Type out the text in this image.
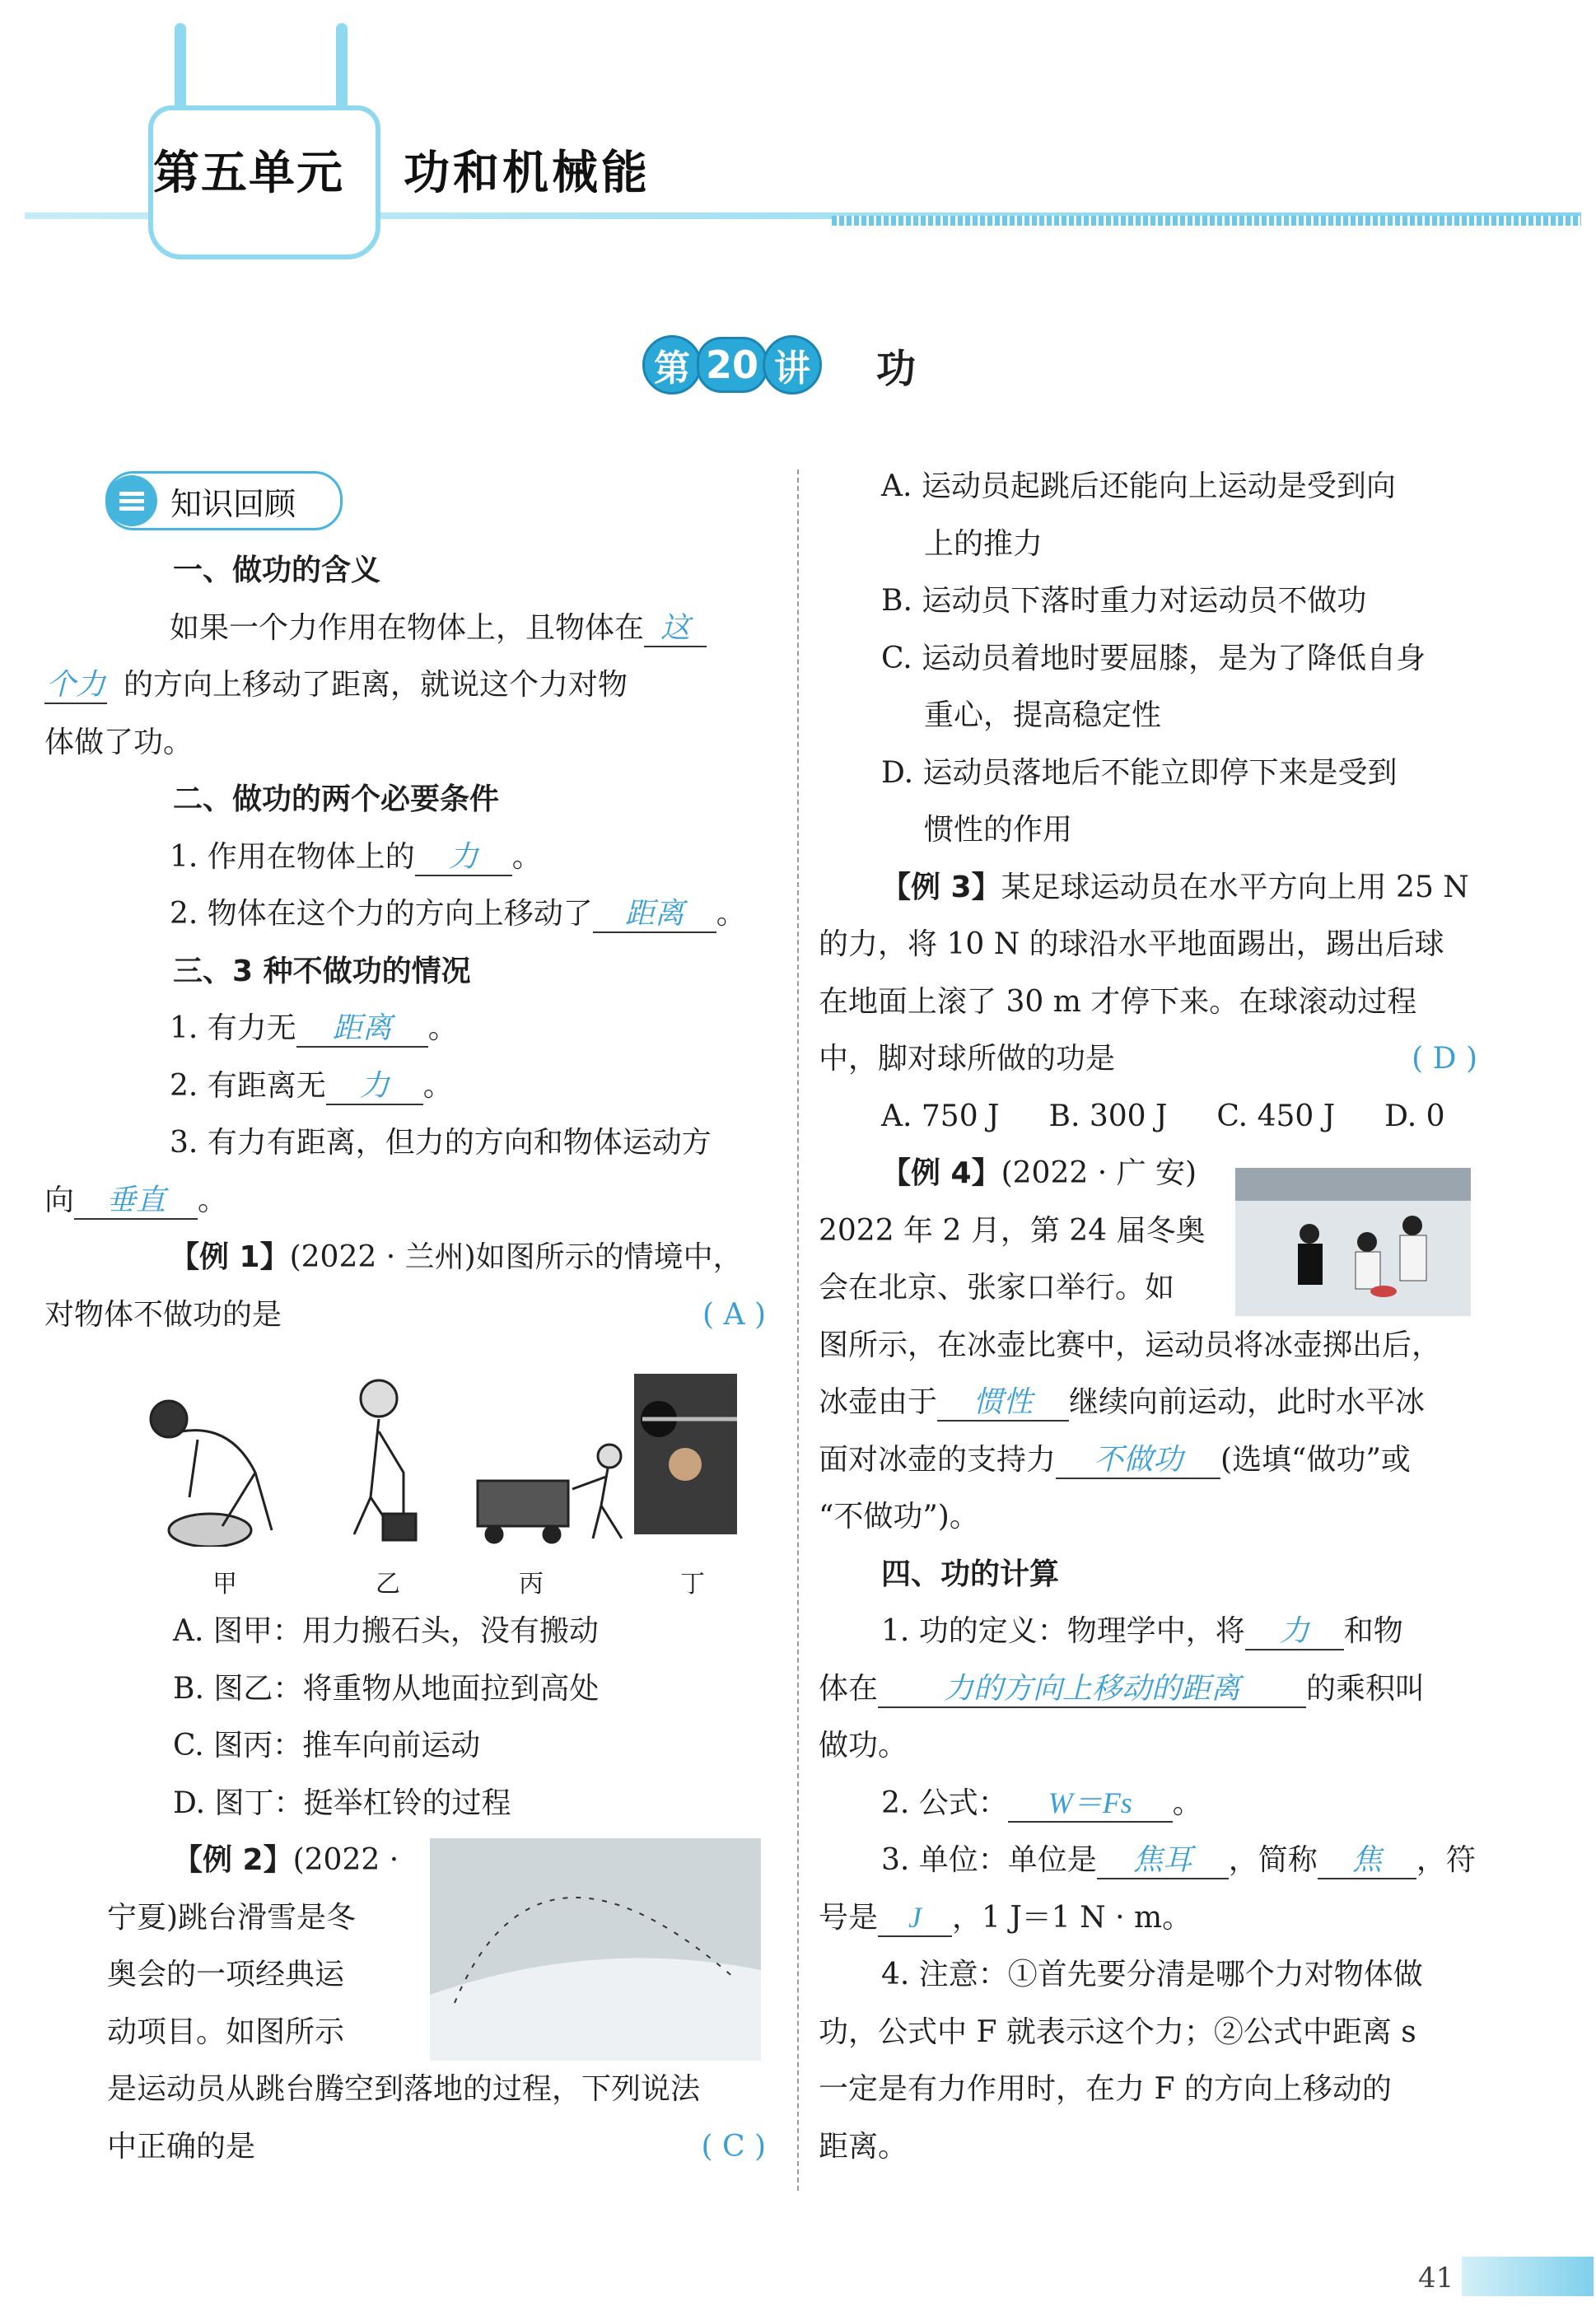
第五单元 功和机械能
第 20 讲 功
知识回顾

一、做功的含义

如果一个力作用在物体上，且物体在 这
个力 的方向上移动了距离，就说这个力对物
体做了功。

二、做功的两个必要条件

1. 作用在物体上的 力 。

2. 物体在这个力的方向上移动了 距离 。

三、3 种不做功的情况

1. 有力无 距离 。

2. 有距离无 力 。

3. 有力有距离，但力的方向和物体运动方
向 垂直 。

【例 1】(2022 · 兰州)如图所示的情境中，
对物体不做功的是	( A )

甲	乙	丙	丁

A. 图甲：用力搬石头，没有搬动

B. 图乙：将重物从地面拉到高处

C. 图丙：推车向前运动

D. 图丁：挺举杠铃的过程

【例 2】(2022 ·

宁夏)跳台滑雪是冬

奥会的一项经典运

动项目。如图所示

是运动员从跳台腾空到落地的过程，下列说法

中正确的是	( C )

A. 运动员起跳后还能向上运动是受到向

上的推力

B. 运动员下落时重力对运动员不做功

C. 运动员着地时要屈膝，是为了降低自身

重心，提高稳定性

D. 运动员落地后不能立即停下来是受到

惯性的作用

【例 3】某足球运动员在水平方向上用 25 N

的力，将 10 N 的球沿水平地面踢出，踢出后球

在地面上滚了 30 m 才停下来。在球滚动过程

中，脚对球所做的功是	( D )

A. 750 J B. 300 J C. 450 J D. 0

【例 4】(2022 · 广 安)

2022 年 2 月，第 24 届冬奥

会在北京、张家口举行。如

图所示，在冰壶比赛中，运动员将冰壶掷出后，

冰壶由于 惯性 继续向前运动，此时水平冰

面对冰壶的支持力 不做功 (选填“做功”或

“不做功”)。

四、功的计算

1. 功的定义：物理学中，将 力 和物

体在 力的方向上移动的距离 的乘积叫

做功。

2. 公式： W＝Fs 。

3. 单位：单位是 焦耳 ，简称 焦 ，符

号是 J ，1 J＝1 N · m。

4. 注意：①首先要分清是哪个力对物体做

功，公式中 F 就表示这个力；②公式中距离 s

一定是有力作用时，在力 F 的方向上移动的

距离。

41
